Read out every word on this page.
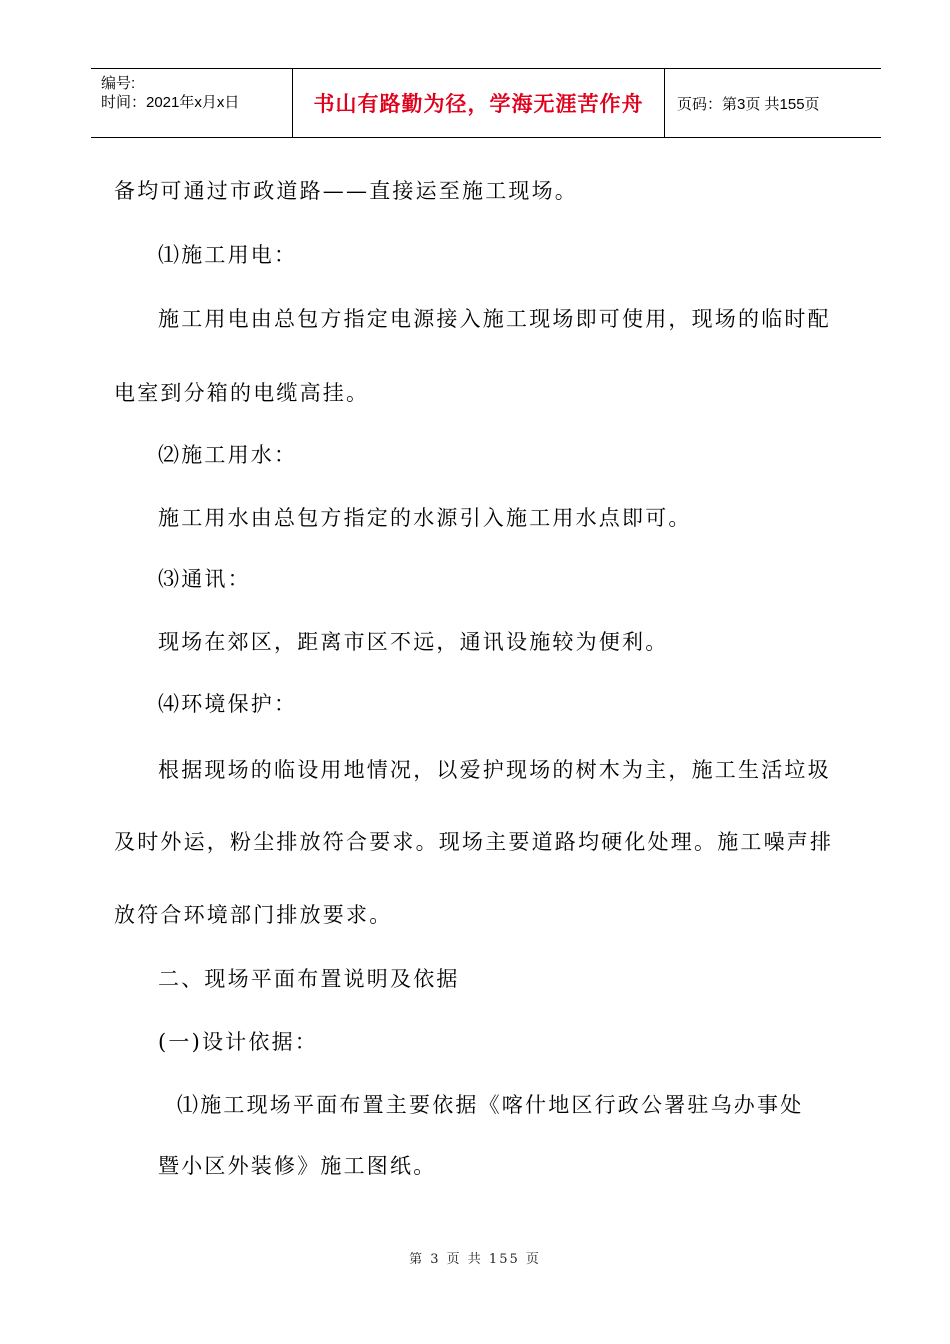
编号:
时间：2021年x月x日	书山有路勤为径，学海无涯苦作舟	页码：第3页 共155页
备均可通过市政道路——直接运至施工现场。
⑴施工用电：
施工用电由总包方指定电源接入施工现场即可使用，现场的临时配
电室到分箱的电缆高挂。
⑵施工用水：
施工用水由总包方指定的水源引入施工用水点即可。
⑶通讯：
现场在郊区，距离市区不远，通讯设施较为便利。
⑷环境保护：
根据现场的临设用地情况，以爱护现场的树木为主，施工生活垃圾
及时外运，粉尘排放符合要求。现场主要道路均硬化处理。施工噪声排
放符合环境部门排放要求。
二、现场平面布置说明及依据
(一)设计依据：
⑴施工现场平面布置主要依据《喀什地区行政公署驻乌办事处
暨小区外装修》施工图纸。
第 3 页 共 155 页
